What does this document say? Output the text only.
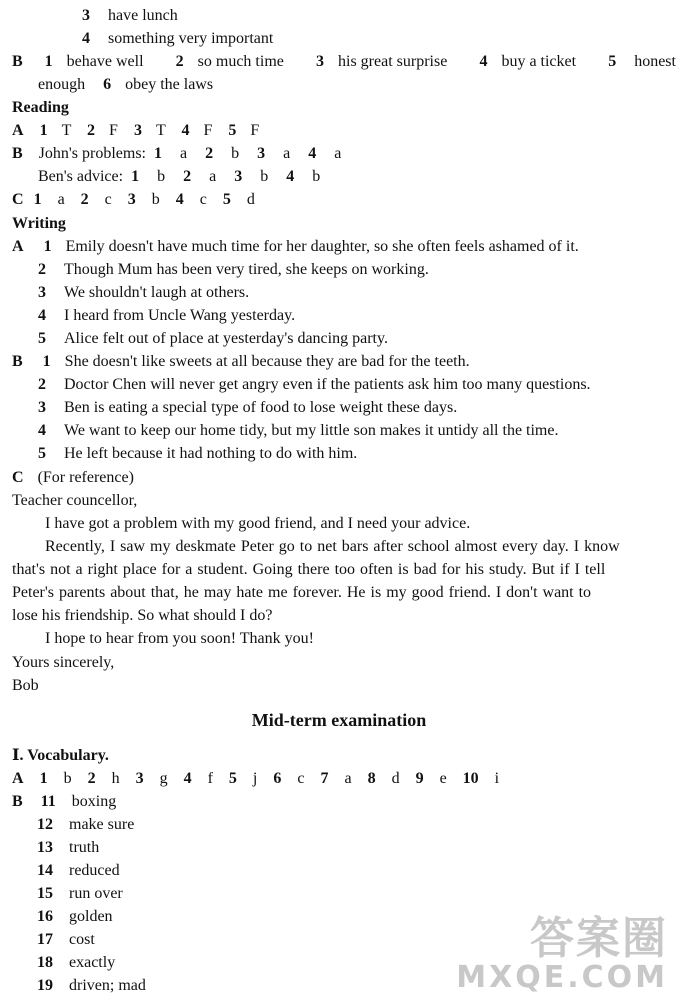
3 have lunch
4 something very important
B 1 behave well 2 so much time 3 his great surprise 4 buy a ticket 5 honest
enough 6 obey the laws
Reading
A 1 T 2 F 3 T 4 F 5 F
B John's problems: 1 a 2 b 3 a 4 a
Ben's advice: 1 b 2 a 3 b 4 b
C 1 a 2 c 3 b 4 c 5 d
Writing
A 1 Emily doesn't have much time for her daughter, so she often feels ashamed of it.
2 Though Mum has been very tired, she keeps on working.
3 We shouldn't laugh at others.
4 I heard from Uncle Wang yesterday.
5 Alice felt out of place at yesterday's dancing party.
B 1 She doesn't like sweets at all because they are bad for the teeth.
2 Doctor Chen will never get angry even if the patients ask him too many questions.
3 Ben is eating a special type of food to lose weight these days.
4 We want to keep our home tidy, but my little son makes it untidy all the time.
5 He left because it had nothing to do with him.
C (For reference)
Teacher councellor,
I have got a problem with my good friend, and I need your advice.
Recently, I saw my deskmate Peter go to net bars after school almost every day. I know
that's not a right place for a student. Going there too often is bad for his study. But if I tell
Peter's parents about that, he may hate me forever. He is my good friend. I don't want to
lose his friendship. So what should I do?
I hope to hear from you soon! Thank you!
Yours sincerely,
Bob
Mid-term examination
Ⅰ. Vocabulary.
A 1 b 2 h 3 g 4 f 5 j 6 c 7 a 8 d 9 e 10 i
B 11 boxing
12 make sure
13 truth
14 reduced
15 run over
16 golden
17 cost
18 exactly
19 driven; mad
答案圈
MXQE.COM
